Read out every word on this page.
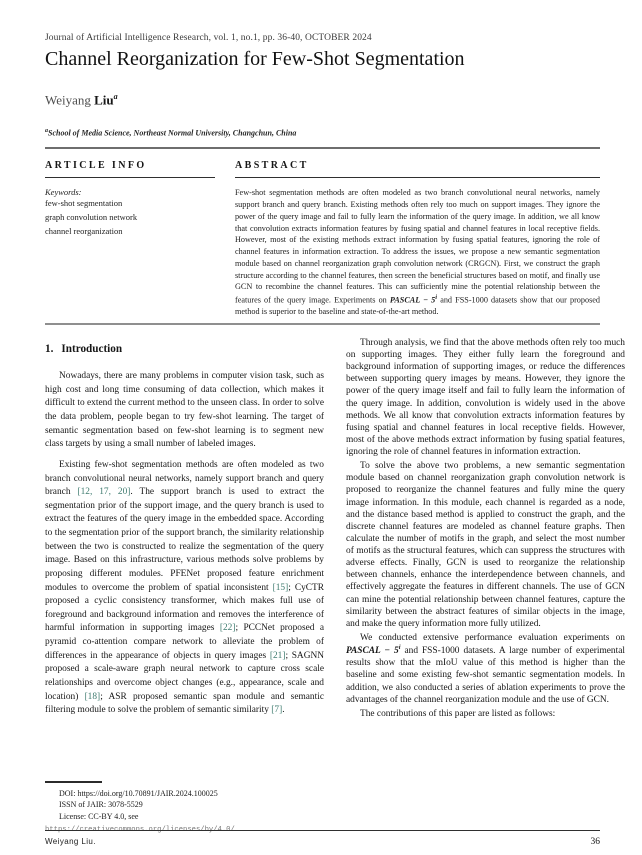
Journal of Artificial Intelligence Research, vol. 1, no.1, pp. 36-40, OCTOBER 2024
Channel Reorganization for Few-Shot Segmentation
Weiyang Liu$^a$
$^a$School of Media Science, Northeast Normal University, Changchun, China
ARTICLE INFO
Keywords:
few-shot segmentation
graph convolution network
channel reorganization
ABSTRACT
Few-shot segmentation methods are often modeled as two branch convolutional neural networks, namely support branch and query branch. Existing methods often rely too much on support images. They ignore the power of the query image and fail to fully learn the information of the query image. In addition, we all know that convolution extracts information features by fusing spatial and channel features in local receptive fields. However, most of the existing methods extract information by fusing spatial features, ignoring the role of channel features in information extraction. To address the issues, we propose a new semantic segmentation module based on channel reorganization graph convolution network (CRGCN). First, we construct the graph structure according to the channel features, then screen the beneficial structures based on motif, and finally use GCN to recombine the channel features. This can sufficiently mine the potential relationship between the features of the query image. Experiments on PASCAL − $5^i$ and FSS-1000 datasets show that our proposed method is superior to the baseline and state-of-the-art method.
1. Introduction

Nowadays, there are many problems in computer vision task, such as high cost and long time consuming of data collection, which makes it difficult to extend the current method to the unseen class. In order to solve the data problem, people began to try few-shot learning. The target of semantic segmentation based on few-shot learning is to segment new class targets by using a small number of labeled images.

Existing few-shot segmentation methods are often modeled as two branch convolutional neural networks, namely support branch and query branch [12, 17, 20]. The support branch is used to extract the segmentation prior of the support image, and the query branch is used to extract the features of the query image in the embedded space. According to the segmentation prior of the support branch, the similarity relationship between the two is constructed to realize the segmentation of the query image. Based on this infrastructure, various methods solve problems by proposing different modules. PFENet proposed feature enrichment modules to overcome the problem of spatial inconsistent [15]; CyCTR proposed a cyclic consistency transformer, which makes full use of foreground and background information and removes the interference of harmful information in supporting images [22]; PCCNet proposed a pyramid co-attention compare network to alleviate the problem of differences in the appearance of objects in query images [21]; SAGNN proposed a scale-aware graph neural network to capture cross scale relationships and overcome object changes (e.g., appearance, scale and location) [18]; ASR proposed semantic span module and semantic filtering module to solve the problem of semantic similarity [7].

DOI: https://doi.org/10.70891/JAIR.2024.100025

ISSN of JAIR: 3078-5529

License: CC-BY 4.0, see

Through analysis, we find that the above methods often rely too much on supporting images. They either fully learn the foreground and background information of supporting images, or reduce the differences between supporting query images by means. However, they ignore the power of the query image itself and fail to fully learn the information of the query image. In addition, convolution is widely used in the above methods. We all know that convolution extracts information features by fusing spatial and channel features in local receptive fields. However, most of the above methods extract information by fusing spatial features, ignoring the role of channel features in information extraction.

To solve the above two problems, a new semantic segmentation module based on channel reorganization graph convolution network is proposed to reorganize the channel features and fully mine the query image information. In this module, each channel is regarded as a node, and the distance based method is applied to construct the graph, and the discrete channel features are modeled as channel feature graphs. Then calculate the number of motifs in the graph, and select the most number of motifs as the structural features, which can suppress the structures with adverse effects. Finally, GCN is used to reorganize the relationship between channels, enhance the interdependence between channels, and effectively aggregate the features in different channels. The use of GCN can mine the potential relationship between channel features, capture the similarity between the abstract features of similar objects in the image, and make the query information more fully utilized.

We conducted extensive performance evaluation experiments on PASCAL − $5^i$ and FSS-1000 datasets. A large number of experimental results show that the mIoU value of this method is higher than the baseline and some existing few-shot semantic segmentation models. In addition, we also conducted a series of ablation experiments to prove the advantages of the channel reorganization module and the use of GCN.

The contributions of this paper are listed as follows:

Weiyang Liu.	36
